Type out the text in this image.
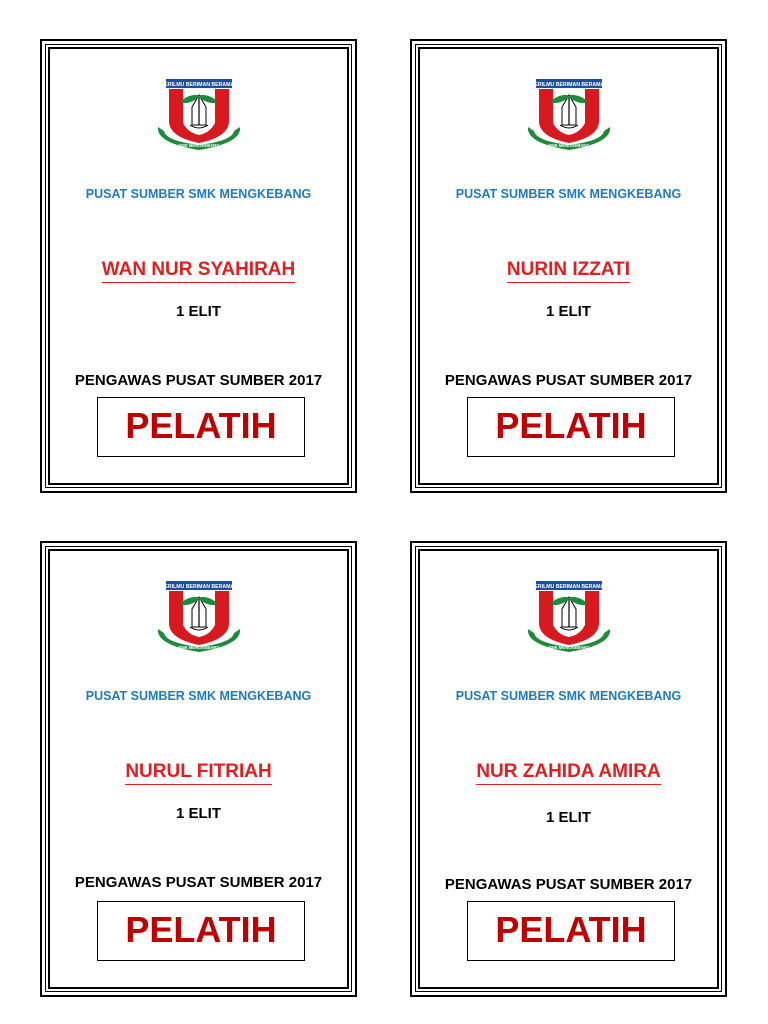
BERILMU BERIMAN BERAMAL
SMK MENGKEBANG
PUSAT SUMBER SMK MENGKEBANG
WAN NUR SYAHIRAH
1 ELIT
PENGAWAS PUSAT SUMBER 2017
PELATIH
BERILMU BERIMAN BERAMAL
SMK MENGKEBANG
PUSAT SUMBER SMK MENGKEBANG
NURIN IZZATI
1 ELIT
PENGAWAS PUSAT SUMBER 2017
PELATIH
BERILMU BERIMAN BERAMAL
SMK MENGKEBANG
PUSAT SUMBER SMK MENGKEBANG
NURUL FITRIAH
1 ELIT
PENGAWAS PUSAT SUMBER 2017
PELATIH
BERILMU BERIMAN BERAMAL
SMK MENGKEBANG
PUSAT SUMBER SMK MENGKEBANG
NUR ZAHIDA AMIRA
1 ELIT
PENGAWAS PUSAT SUMBER 2017
PELATIH
